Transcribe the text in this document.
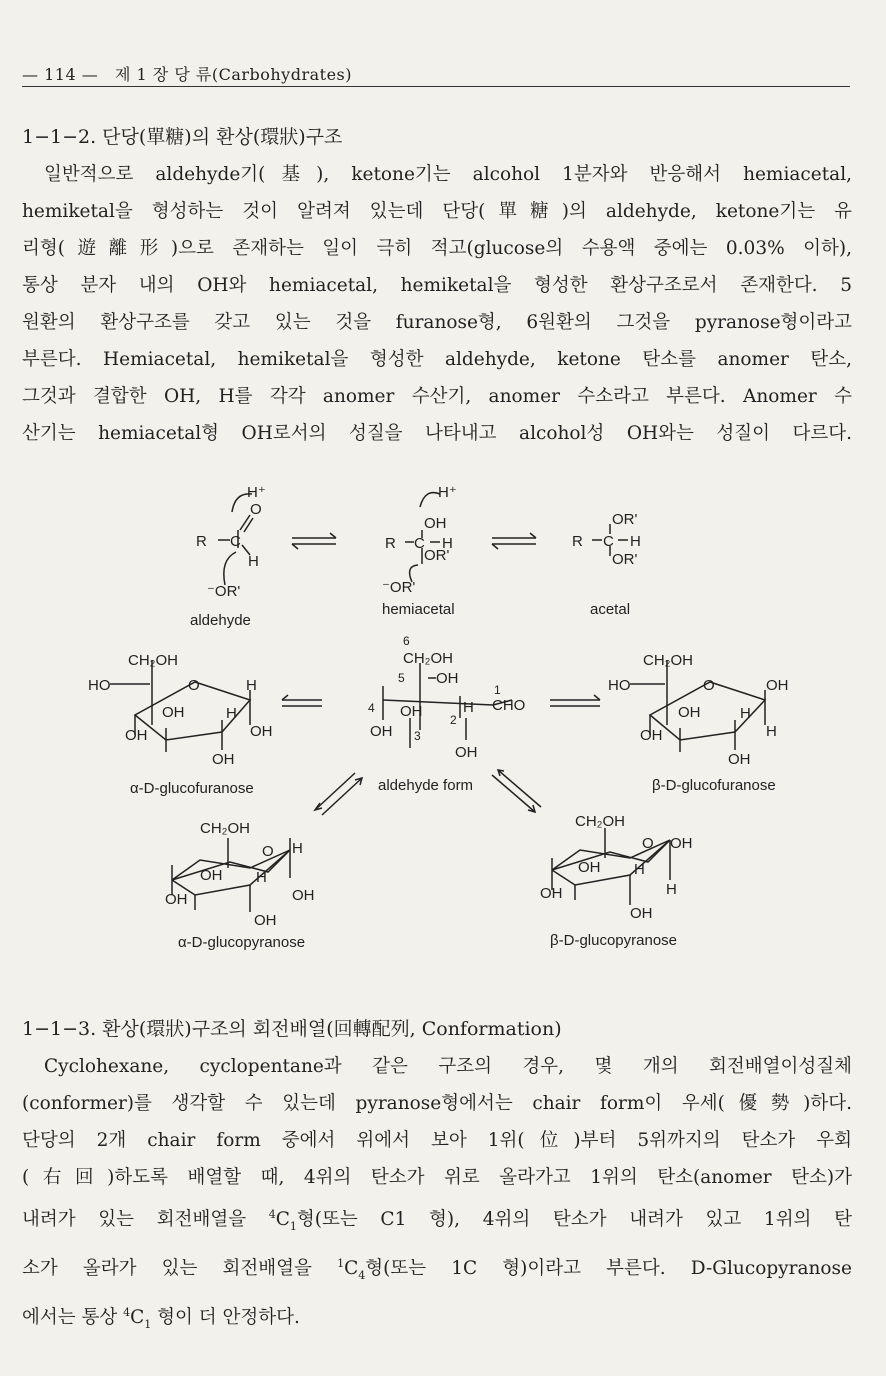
— 114 — 제 1 장 당 류(Carbohydrates)
1−1−2. 단당(單糖)의 환상(環狀)구조

일반적으로 aldehyde기(基), ketone기는 alcohol 1분자와 반응해서 hemiacetal,
hemiketal을 형성하는 것이 알려져 있는데 단당(單糖)의 aldehyde, ketone기는 유
리형(遊離形)으로 존재하는 일이 극히 적고(glucose의 수용액 중에는 0.03% 이하),
통상 분자 내의 OH와 hemiacetal, hemiketal을 형성한 환상구조로서 존재한다. 5
원환의 환상구조를 갖고 있는 것을 furanose형, 6원환의 그것을 pyranose형이라고
부른다. Hemiacetal, hemiketal을 형성한 aldehyde, ketone 탄소를 anomer 탄소,
그것과 결합한 OH, H를 각각 anomer 수산기, anomer 수소라고 부른다. Anomer 수
산기는 hemiacetal형 OH로서의 성질을 나타내고 alcohol성 OH와는 성질이 다르다.

H⁺
R C
O
H
⁻OR'
aldehyde
H⁺
R C H
OH
OR'
⁻OR'
hemiacetal
R C H
OR'
OR'
acetal
CH₂OH
HO	O	H
OH
OH
H
OH
OH
α-D-glucofuranose
6
CH₂OH
5 OH
4 OH	H
1
CHO
2
OH 3
OH
aldehyde form
CH₂OH
HO	O	OH
OH
OH
H
H
OH
β-D-glucofuranose
CH₂OH
O H
OH
OH
H
OH
OH
α-D-glucopyranose
CH₂OH
O OH
OH
OH
H
H
OH
β-D-glucopyranose
1−1−3. 환상(環狀)구조의 회전배열(回轉配列, Conformation)

Cyclohexane, cyclopentane과 같은 구조의 경우, 몇 개의 회전배열이성질체
(conformer)를 생각할 수 있는데 pyranose형에서는 chair form이 우세(優勢)하다.
단당의 2개 chair form 중에서 위에서 보아 1위(位)부터 5위까지의 탄소가 우회
(右回)하도록 배열할 때, 4위의 탄소가 위로 올라가고 1위의 탄소(anomer 탄소)가
내려가 있는 회전배열을 $^4C_1$형(또는 C1 형), 4위의 탄소가 내려가 있고 1위의 탄
소가 올라가 있는 회전배열을 $^1C_4$형(또는 1C 형)이라고 부른다. D-Glucopyranose
에서는 통상 $^4C_1$ 형이 더 안정하다.
